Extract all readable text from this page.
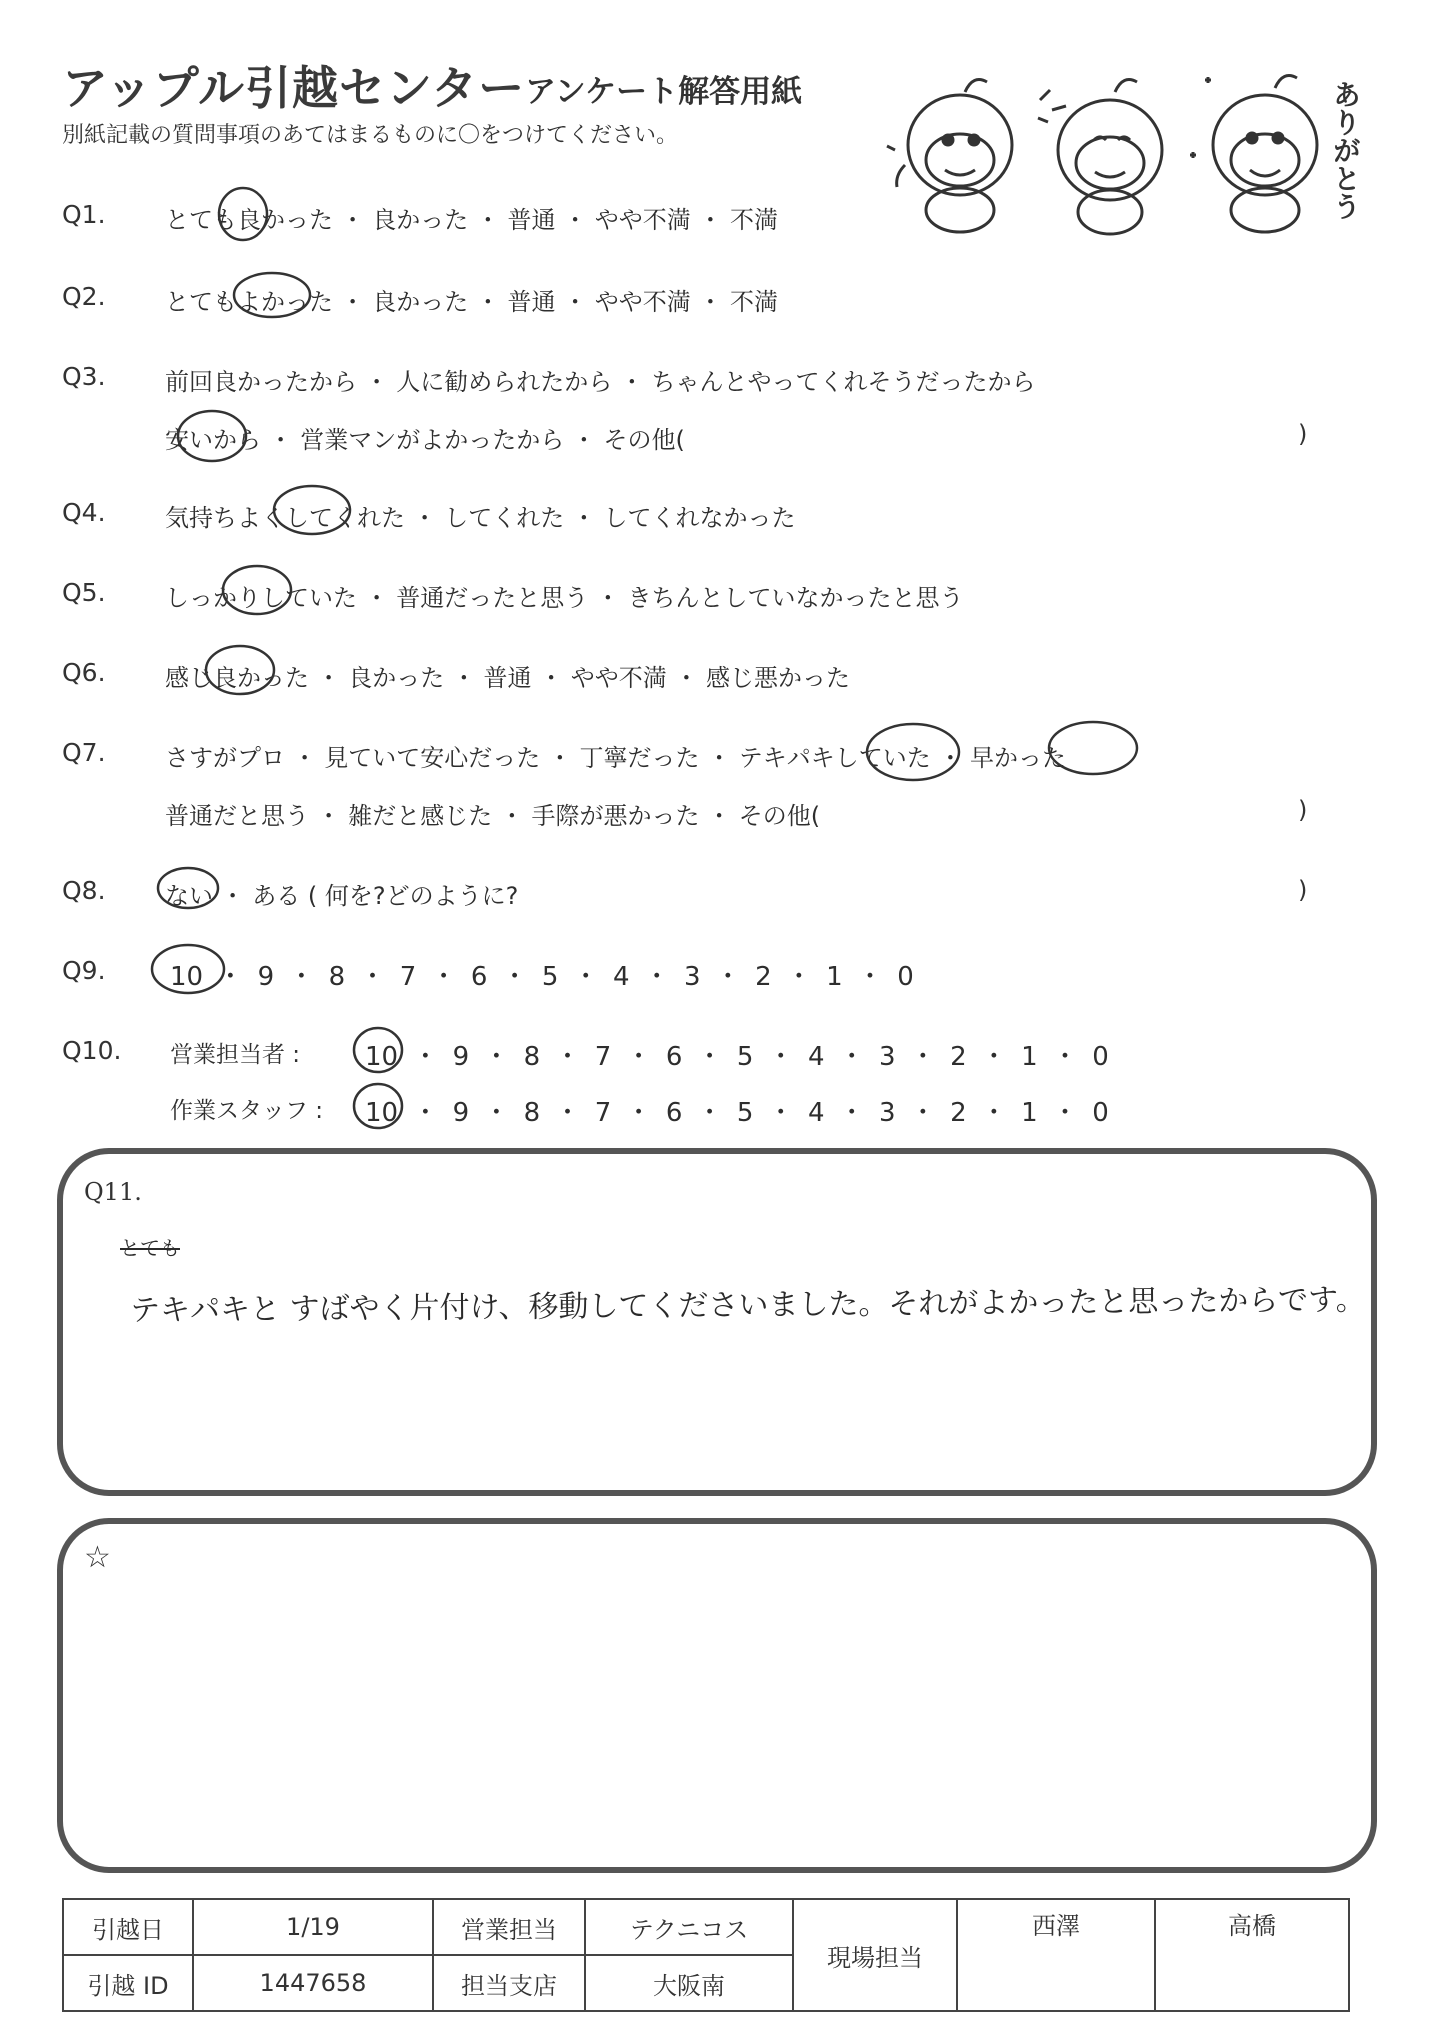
アップル引越センター アンケート解答用紙
別紙記載の質問事項のあてはまるものに〇をつけてください。	ありがとう
Q1. とても良かった ・ 良かった ・ 普通 ・ やや不満 ・ 不満
Q2. とてもよかった ・ 良かった ・ 普通 ・ やや不満 ・ 不満
Q3. 前回良かったから ・ 人に勧められたから ・ ちゃんとやってくれそうだったから
安いから ・ 営業マンがよかったから ・ その他(	)
Q4. 気持ちよくしてくれた ・ してくれた ・ してくれなかった
Q5. しっかりしていた ・ 普通だったと思う ・ きちんとしていなかったと思う
Q6. 感じ良かった ・ 良かった ・ 普通 ・ やや不満 ・ 感じ悪かった
Q7. さすがプロ ・ 見ていて安心だった ・ 丁寧だった ・ テキパキしていた ・ 早かった
普通だと思う ・ 雑だと感じた ・ 手際が悪かった ・ その他(	)
Q8. ない ・ ある ( 何を?どのように?	)
Q9. 10 ・ 9 ・ 8 ・ 7 ・ 6 ・ 5 ・ 4 ・ 3 ・ 2 ・ 1 ・ 0
Q10. 営業担当者 : 10 ・ 9 ・ 8 ・ 7 ・ 6 ・ 5 ・ 4 ・ 3 ・ 2 ・ 1 ・ 0
作業スタッフ : 10 ・ 9 ・ 8 ・ 7 ・ 6 ・ 5 ・ 4 ・ 3 ・ 2 ・ 1 ・ 0
Q11.
とても
テキパキと すばやく片付け、移動してくださいました。それがよかったと思ったからです。
☆
引越日	1/19	営業担当	テクニコス	現場担当	西澤	高橋
引越 ID	1447658	担当支店	大阪南			
